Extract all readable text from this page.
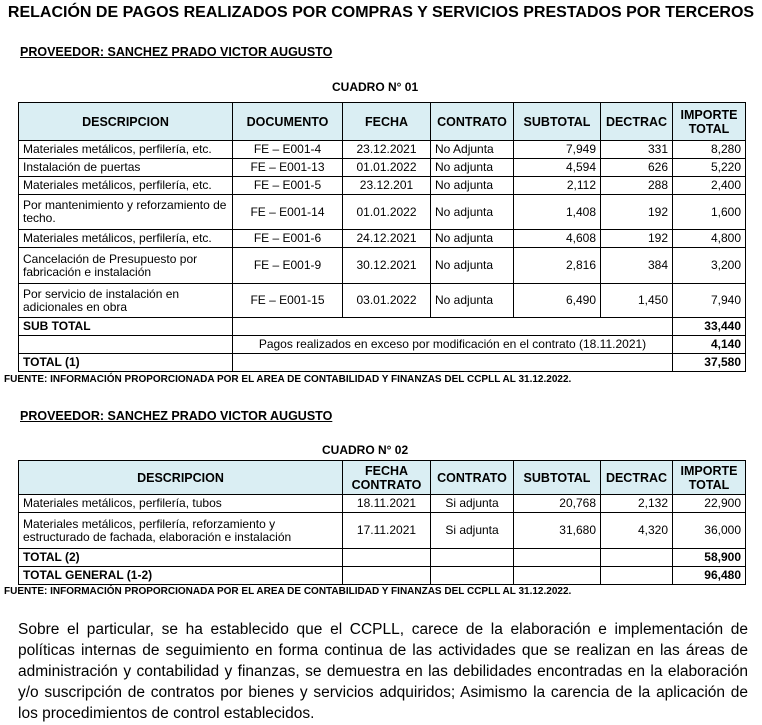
RELACIÓN DE PAGOS REALIZADOS POR COMPRAS Y SERVICIOS PRESTADOS POR TERCEROS
PROVEEDOR: SANCHEZ PRADO VICTOR AUGUSTO
CUADRO N° 01
DESCRIPCION	DOCUMENTO	FECHA	CONTRATO	SUBTOTAL	DECTRAC	IMPORTE TOTAL
Materiales metálicos, perfilería, etc.	FE – E001-4	23.12.2021	No Adjunta	7,949	331	8,280
Instalación de puertas	FE – E001-13	01.01.2022	No adjunta	4,594	626	5,220
Materiales metálicos, perfilería, etc.	FE – E001-5	23.12.201	No adjunta	2,112	288	2,400
Por mantenimiento y reforzamiento de techo.	FE – E001-14	01.01.2022	No adjunta	1,408	192	1,600
Materiales metálicos, perfilería, etc.	FE – E001-6	24.12.2021	No adjunta	4,608	192	4,800
Cancelación de Presupuesto por fabricación e instalación	FE – E001-9	30.12.2021	No adjunta	2,816	384	3,200
Por servicio de instalación en adicionales en obra	FE – E001-15	03.01.2022	No adjunta	6,490	1,450	7,940
SUB TOTAL						33,440
	Pagos realizados en exceso por modificación en el contrato (18.11.2021)					4,140
TOTAL (1)						37,580
FUENTE: INFORMACIÓN PROPORCIONADA POR EL AREA DE CONTABILIDAD Y FINANZAS DEL CCPLL AL 31.12.2022.
PROVEEDOR: SANCHEZ PRADO VICTOR AUGUSTO
CUADRO N° 02
DESCRIPCION	FECHA CONTRATO	CONTRATO	SUBTOTAL	DECTRAC	IMPORTE TOTAL
Materiales metálicos, perfilería, tubos	18.11.2021	Si adjunta	20,768	2,132	22,900
Materiales metálicos, perfilería, reforzamiento y estructurado de fachada, elaboración e instalación	17.11.2021	Si adjunta	31,680	4,320	36,000
TOTAL (2)					58,900
TOTAL GENERAL (1-2)					96,480
FUENTE: INFORMACIÓN PROPORCIONADA POR EL AREA DE CONTABILIDAD Y FINANZAS DEL CCPLL AL 31.12.2022.
Sobre el particular, se ha establecido que el CCPLL, carece de la elaboración e implementación de políticas internas de seguimiento en forma continua de las actividades que se realizan en las áreas de administración y contabilidad y finanzas, se demuestra en las debilidades encontradas en la elaboración y/o suscripción de contratos por bienes y servicios adquiridos; Asimismo la carencia de la aplicación de los procedimientos de control establecidos.
